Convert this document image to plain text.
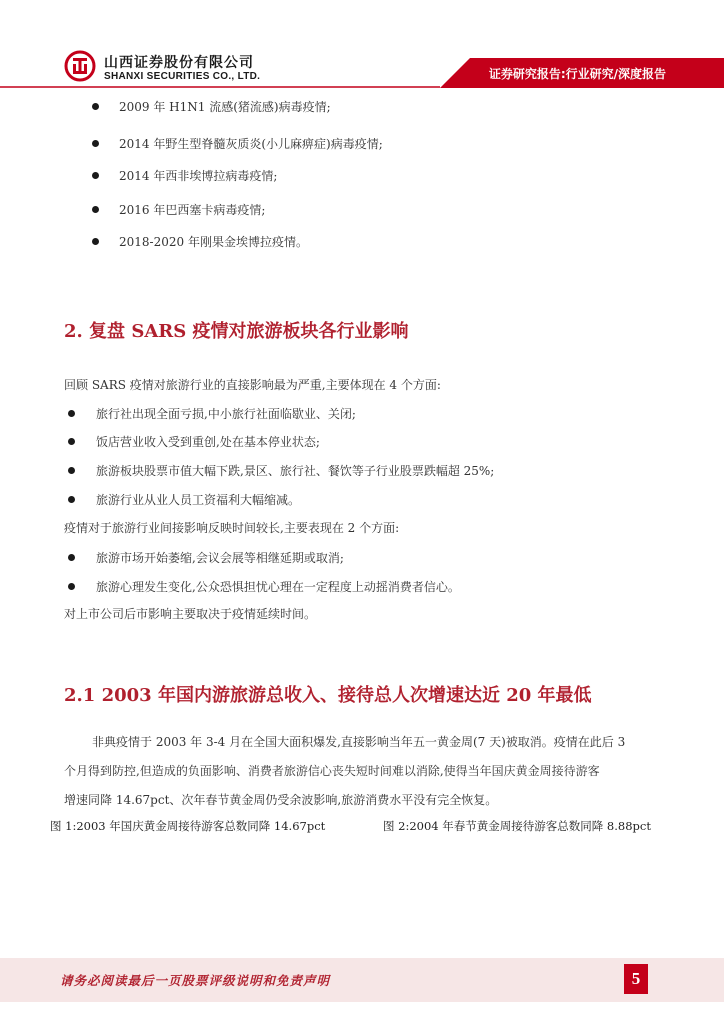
山西证券股份有限公司
SHANXI SECURITIES CO., LTD.	证券研究报告:行业研究/深度报告
2009 年 H1N1 流感(猪流感)病毒疫情;
2014 年野生型脊髓灰质炎(小儿麻痹症)病毒疫情;
2014 年西非埃博拉病毒疫情;
2016 年巴西塞卡病毒疫情;
2018-2020 年刚果金埃博拉疫情。
2. 复盘 SARS 疫情对旅游板块各行业影响
回顾 SARS 疫情对旅游行业的直接影响最为严重,主要体现在 4 个方面:
旅行社出现全面亏损,中小旅行社面临歇业、关闭;
饭店营业收入受到重创,处在基本停业状态;
旅游板块股票市值大幅下跌,景区、旅行社、餐饮等子行业股票跌幅超 25%;
旅游行业从业人员工资福利大幅缩减。
疫情对于旅游行业间接影响反映时间较长,主要表现在 2 个方面:
旅游市场开始萎缩,会议会展等相继延期或取消;
旅游心理发生变化,公众恐惧担忧心理在一定程度上动摇消费者信心。
对上市公司后市影响主要取决于疫情延续时间。
2.1 2003 年国内游旅游总收入、接待总人次增速达近 20 年最低
非典疫情于 2003 年 3-4 月在全国大面积爆发,直接影响当年五一黄金周(7 天)被取消。疫情在此后 3
个月得到防控,但造成的负面影响、消费者旅游信心丧失短时间难以消除,使得当年国庆黄金周接待游客
增速同降 14.67pct、次年春节黄金周仍受余波影响,旅游消费水平没有完全恢复。
图 1:2003 年国庆黄金周接待游客总数同降 14.67pct	图 2:2004 年春节黄金周接待游客总数同降 8.88pct
请务必阅读最后一页股票评级说明和免责声明	5
